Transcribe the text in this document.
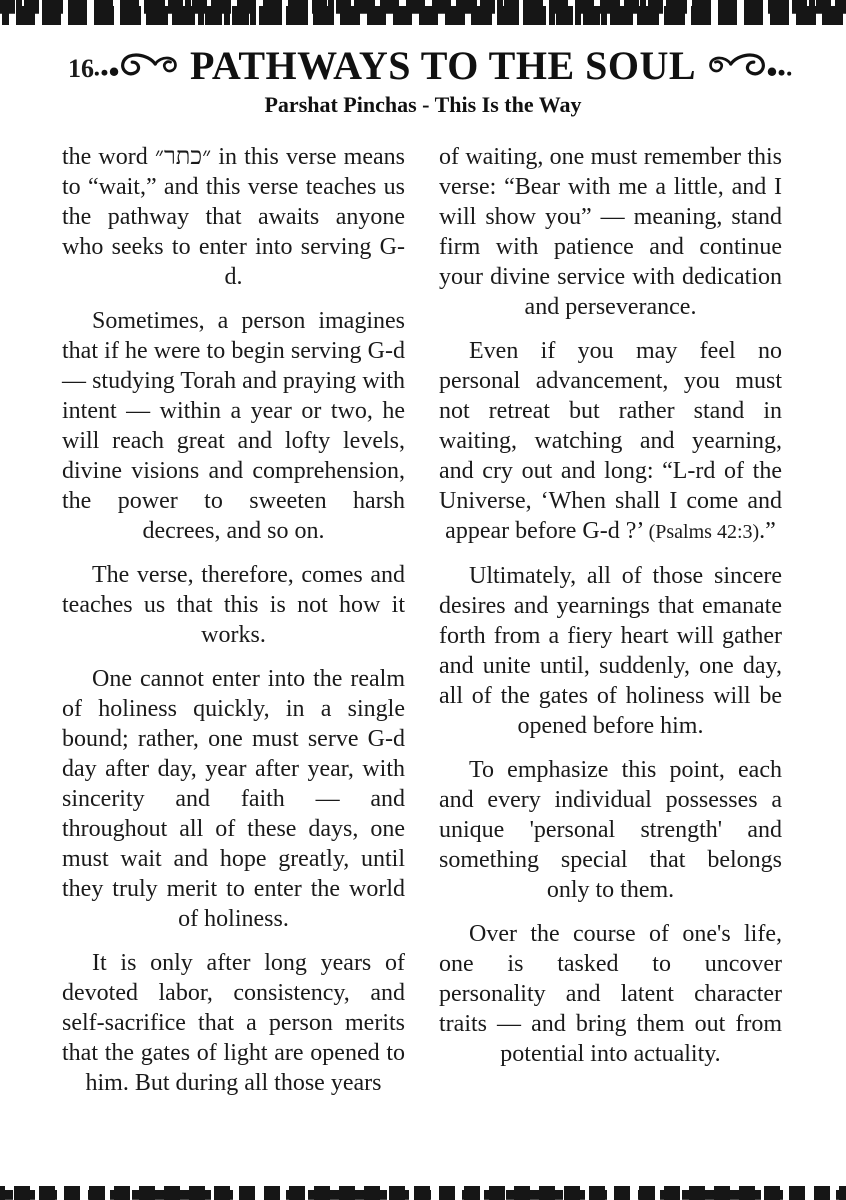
16 PATHWAYS TO THE SOUL
Parshat Pinchas - This Is the Way

the word ״כתר״ in this verse means to “wait,” and this verse teaches us the pathway that awaits anyone who seeks to enter into serving G-d.

Sometimes, a person imagines that if he were to begin serving G-d — studying Torah and praying with intent — within a year or two, he will reach great and lofty levels, divine visions and comprehension, the power to sweeten harsh decrees, and so on.

The verse, therefore, comes and teaches us that this is not how it works.

One cannot enter into the realm of holiness quickly, in a single bound; rather, one must serve G-d day after day, year after year, with sincerity and faith — and throughout all of these days, one must wait and hope greatly, until they truly merit to enter the world of holiness.

It is only after long years of devoted labor, consistency, and self-sacrifice that a person merits that the gates of light are opened to him. But during all those years

of waiting, one must remember this verse: “Bear with me a little, and I will show you” — meaning, stand firm with patience and continue your divine service with dedication and perseverance.

Even if you may feel no personal advancement, you must not retreat but rather stand in waiting, watching and yearning, and cry out and long: “L-rd of the Universe, ‘When shall I come and appear before G-d ?’ (Psalms 42:3).”

Ultimately, all of those sincere desires and yearnings that emanate forth from a fiery heart will gather and unite until, suddenly, one day, all of the gates of holiness will be opened before him.

To emphasize this point, each and every individual possesses a unique 'personal strength' and something special that belongs only to them.

Over the course of one's life, one is tasked to uncover personality and latent character traits — and bring them out from potential into actuality.
